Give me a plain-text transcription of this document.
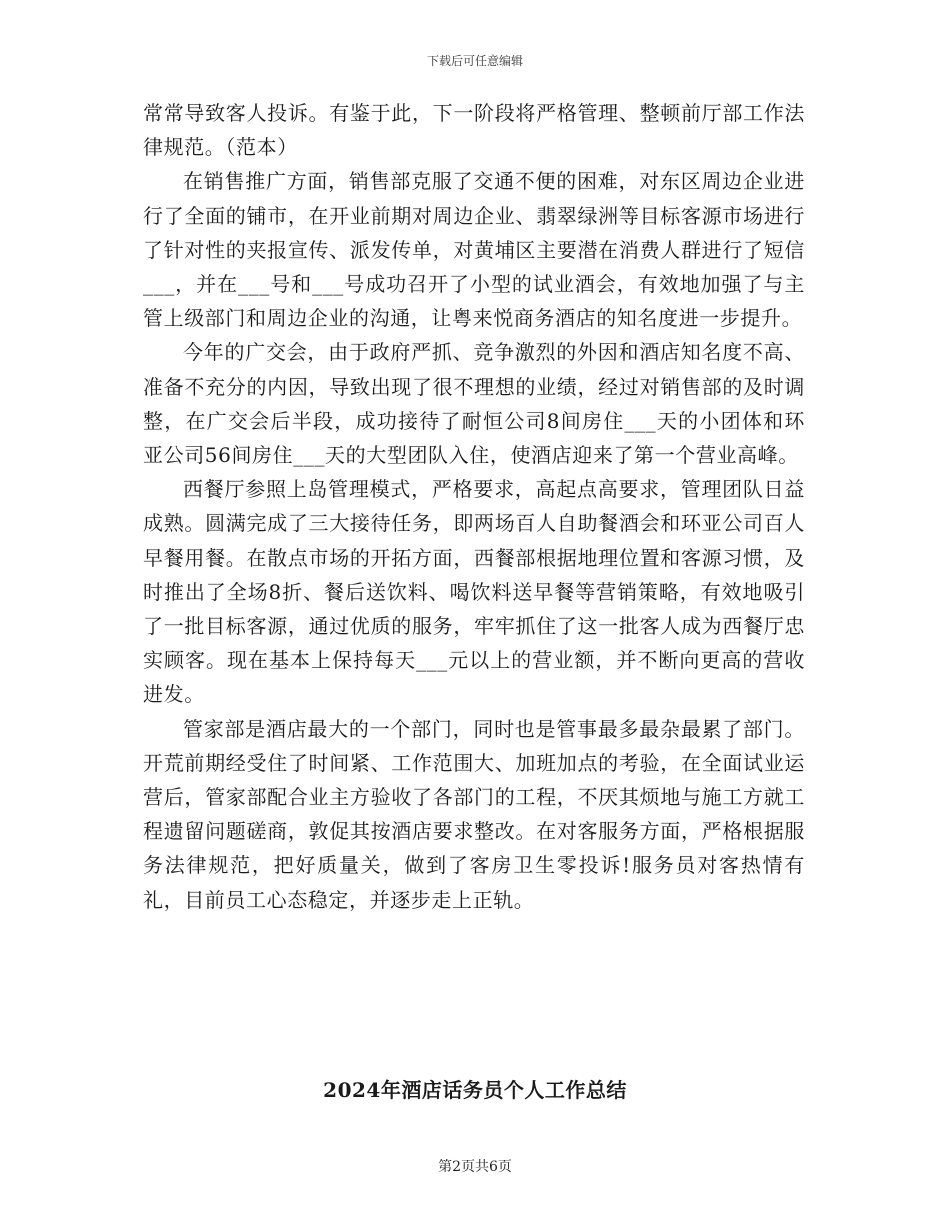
下载后可任意编辑

常常导致客人投诉。有鉴于此，下一阶段将严格管理、整顿前厅部工作法律规范。（范本）

在销售推广方面，销售部克服了交通不便的困难，对东区周边企业进行了全面的铺市，在开业前期对周边企业、翡翠绿洲等目标客源市场进行了针对性的夹报宣传、派发传单，对黄埔区主要潜在消费人群进行了短信___，并在___号和___号成功召开了小型的试业酒会，有效地加强了与主管上级部门和周边企业的沟通，让粤来悦商务酒店的知名度进一步提升。

今年的广交会，由于政府严抓、竞争激烈的外因和酒店知名度不高、准备不充分的内因，导致出现了很不理想的业绩，经过对销售部的及时调整，在广交会后半段，成功接待了耐恒公司8间房住___天的小团体和环亚公司56间房住___天的大型团队入住，使酒店迎来了第一个营业高峰。

西餐厅参照上岛管理模式，严格要求，高起点高要求，管理团队日益成熟。圆满完成了三大接待任务，即两场百人自助餐酒会和环亚公司百人早餐用餐。在散点市场的开拓方面，西餐部根据地理位置和客源习惯，及时推出了全场8折、餐后送饮料、喝饮料送早餐等营销策略，有效地吸引了一批目标客源，通过优质的服务，牢牢抓住了这一批客人成为西餐厅忠实顾客。现在基本上保持每天___元以上的营业额，并不断向更高的营收进发。

管家部是酒店最大的一个部门，同时也是管事最多最杂最累了部门。开荒前期经受住了时间紧、工作范围大、加班加点的考验，在全面试业运营后，管家部配合业主方验收了各部门的工程，不厌其烦地与施工方就工程遗留问题磋商，敦促其按酒店要求整改。在对客服务方面，严格根据服务法律规范，把好质量关，做到了客房卫生零投诉!服务员对客热情有礼，目前员工心态稳定，并逐步走上正轨。

2024年酒店话务员个人工作总结
第2页共6页
